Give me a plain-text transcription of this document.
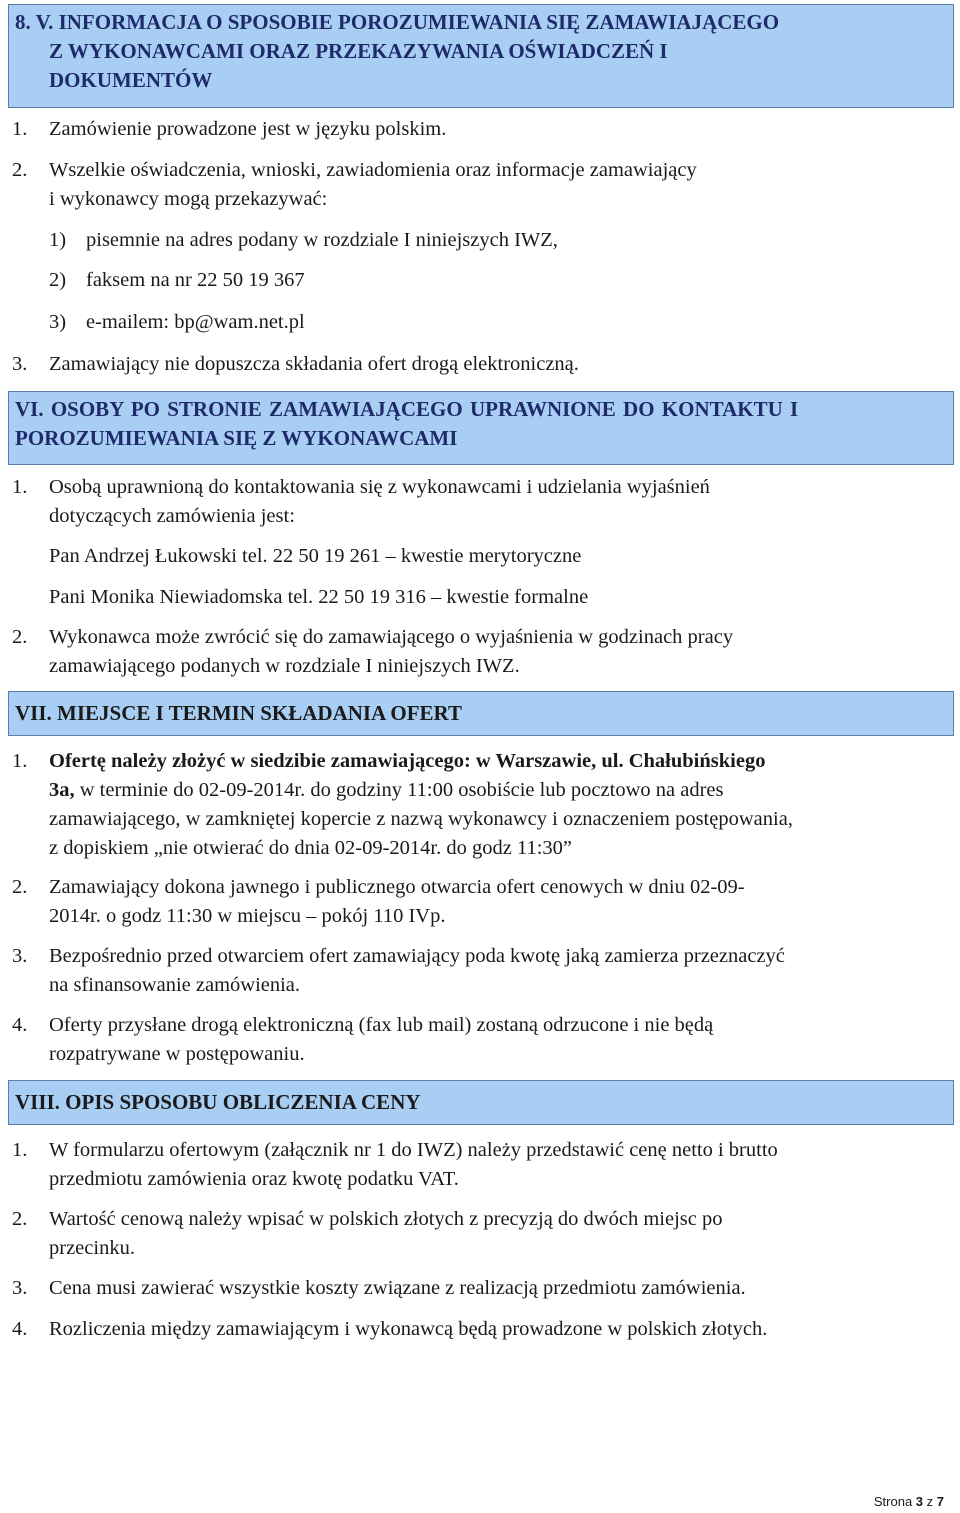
8. V. INFORMACJA O SPOSOBIE POROZUMIEWANIA SIĘ ZAMAWIAJĄCEGO
Z WYKONAWCAMI ORAZ PRZEKAZYWANIA OŚWIADCZEŃ I
DOKUMENTÓW
1. Zamówienie prowadzone jest w języku polskim.
2. Wszelkie oświadczenia, wnioski, zawiadomienia oraz informacje zamawiający
i wykonawcy mogą przekazywać:
1) pisemnie na adres podany w rozdziale I niniejszych IWZ,
2) faksem na nr 22 50 19 367
3) e-mailem: bp@wam.net.pl
3. Zamawiający nie dopuszcza składania ofert drogą elektroniczną.
VI. OSOBY PO STRONIE ZAMAWIAJĄCEGO UPRAWNIONE DO KONTAKTU I
POROZUMIEWANIA SIĘ Z WYKONAWCAMI
1. Osobą uprawnioną do kontaktowania się z wykonawcami i udzielania wyjaśnień
dotyczących zamówienia jest:
Pan Andrzej Łukowski tel. 22 50 19 261 – kwestie merytoryczne
Pani Monika Niewiadomska tel. 22 50 19 316 – kwestie formalne
2. Wykonawca może zwrócić się do zamawiającego o wyjaśnienia w godzinach pracy
zamawiającego podanych w rozdziale I niniejszych IWZ.
VII. MIEJSCE I TERMIN SKŁADANIA OFERT
1. Ofertę należy złożyć w siedzibie zamawiającego: w Warszawie, ul. Chałubińskiego
3a, w terminie do 02-09-2014r. do godziny 11:00 osobiście lub pocztowo na adres
zamawiającego, w zamkniętej kopercie z nazwą wykonawcy i oznaczeniem postępowania,
z dopiskiem „nie otwierać do dnia 02-09-2014r. do godz 11:30”
2. Zamawiający dokona jawnego i publicznego otwarcia ofert cenowych w dniu 02-09-
2014r. o godz 11:30 w miejscu – pokój 110 IVp.
3. Bezpośrednio przed otwarciem ofert zamawiający poda kwotę jaką zamierza przeznaczyć
na sfinansowanie zamówienia.
4. Oferty przysłane drogą elektroniczną (fax lub mail) zostaną odrzucone i nie będą
rozpatrywane w postępowaniu.
VIII. OPIS SPOSOBU OBLICZENIA CENY
1. W formularzu ofertowym (załącznik nr 1 do IWZ) należy przedstawić cenę netto i brutto
przedmiotu zamówienia oraz kwotę podatku VAT.
2. Wartość cenową należy wpisać w polskich złotych z precyzją do dwóch miejsc po
przecinku.
3. Cena musi zawierać wszystkie koszty związane z realizacją przedmiotu zamówienia.
4. Rozliczenia między zamawiającym i wykonawcą będą prowadzone w polskich złotych.
Strona 3 z 7
